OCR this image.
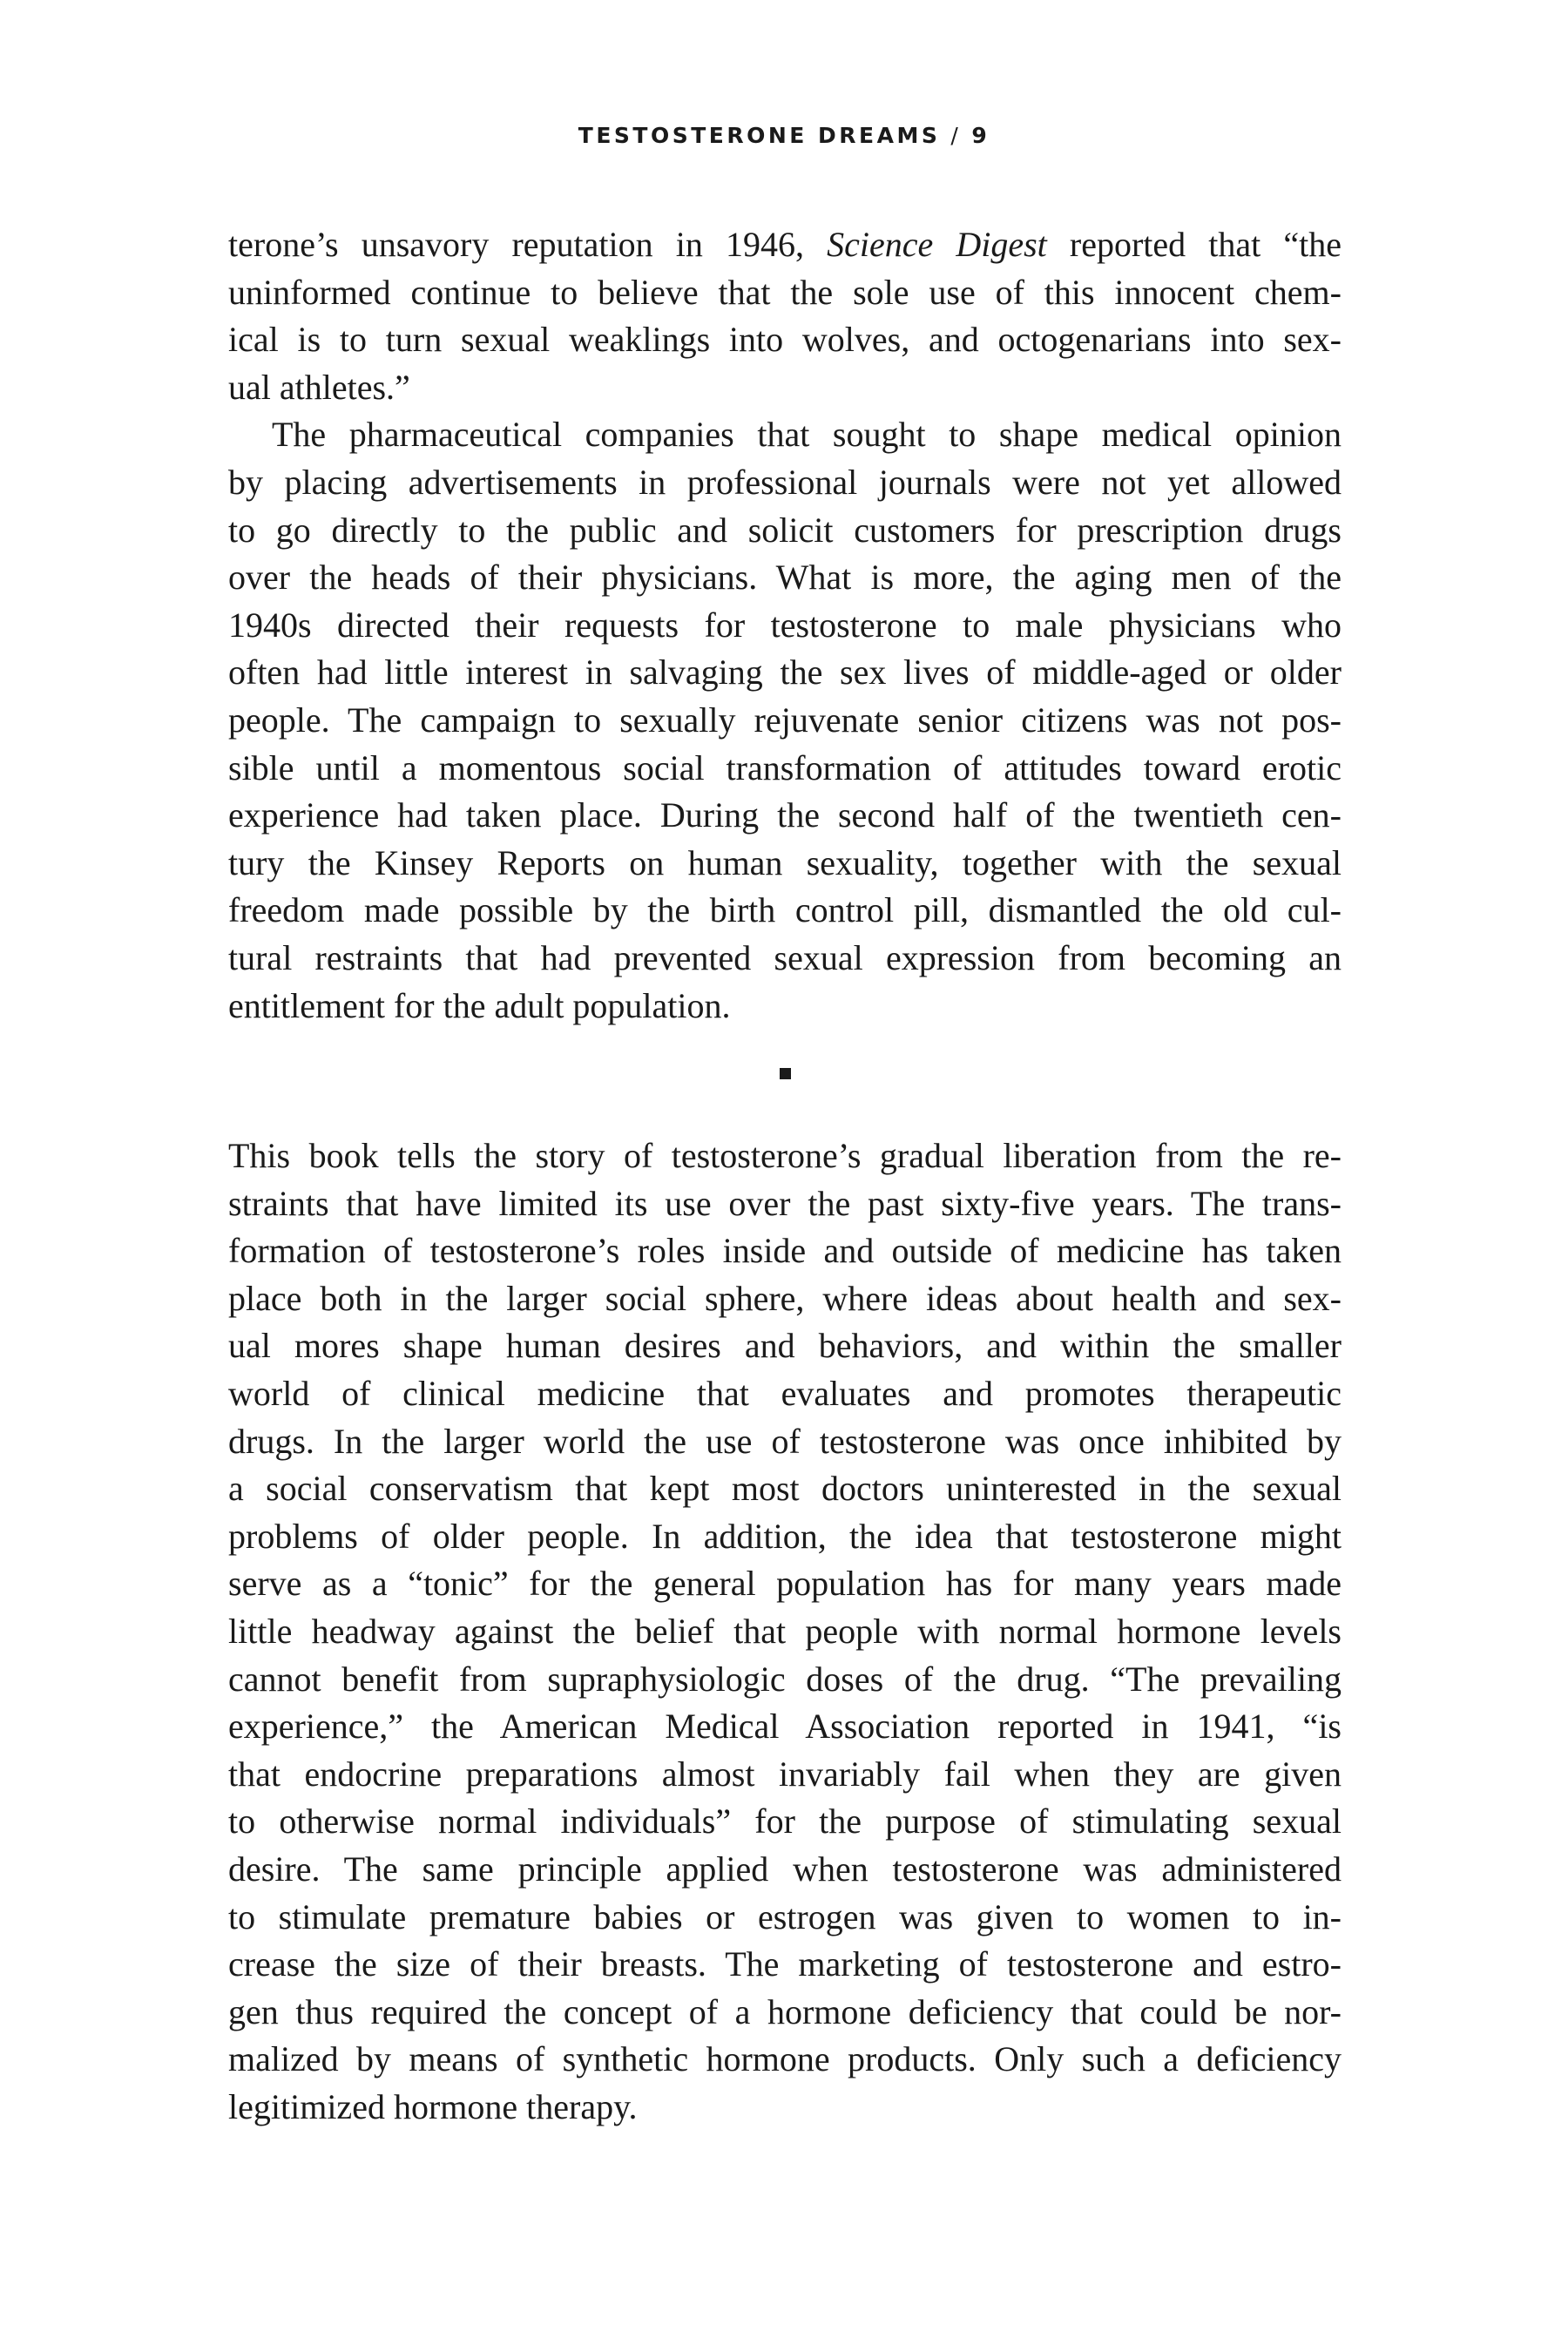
TESTOSTERONE DREAMS / 9
terone’s unsavory reputation in 1946, Science Digest reported that “the
uninformed continue to believe that the sole use of this innocent chem-
ical is to turn sexual weaklings into wolves, and octogenarians into sex-
ual athletes.”
The pharmaceutical companies that sought to shape medical opinion
by placing advertisements in professional journals were not yet allowed
to go directly to the public and solicit customers for prescription drugs
over the heads of their physicians. What is more, the aging men of the
1940s directed their requests for testosterone to male physicians who
often had little interest in salvaging the sex lives of middle-aged or older
people. The campaign to sexually rejuvenate senior citizens was not pos-
sible until a momentous social transformation of attitudes toward erotic
experience had taken place. During the second half of the twentieth cen-
tury the Kinsey Reports on human sexuality, together with the sexual
freedom made possible by the birth control pill, dismantled the old cul-
tural restraints that had prevented sexual expression from becoming an
entitlement for the adult population.
This book tells the story of testosterone’s gradual liberation from the re-
straints that have limited its use over the past sixty-five years. The trans-
formation of testosterone’s roles inside and outside of medicine has taken
place both in the larger social sphere, where ideas about health and sex-
ual mores shape human desires and behaviors, and within the smaller
world of clinical medicine that evaluates and promotes therapeutic
drugs. In the larger world the use of testosterone was once inhibited by
a social conservatism that kept most doctors uninterested in the sexual
problems of older people. In addition, the idea that testosterone might
serve as a “tonic” for the general population has for many years made
little headway against the belief that people with normal hormone levels
cannot benefit from supraphysiologic doses of the drug. “The prevailing
experience,” the American Medical Association reported in 1941, “is
that endocrine preparations almost invariably fail when they are given
to otherwise normal individuals” for the purpose of stimulating sexual
desire. The same principle applied when testosterone was administered
to stimulate premature babies or estrogen was given to women to in-
crease the size of their breasts. The marketing of testosterone and estro-
gen thus required the concept of a hormone deficiency that could be nor-
malized by means of synthetic hormone products. Only such a deficiency
legitimized hormone therapy.
